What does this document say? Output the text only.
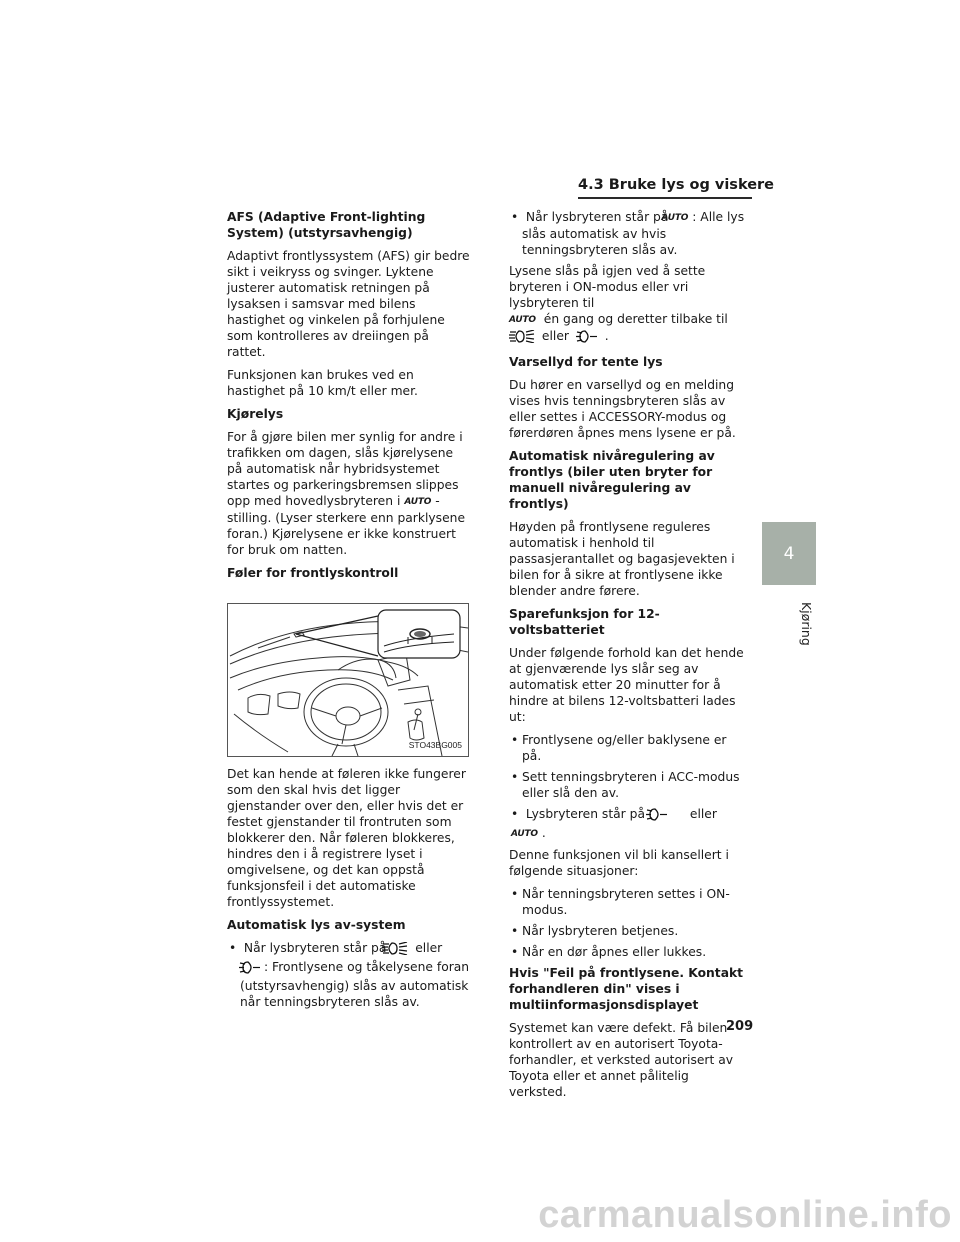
4.3 Bruke lys og viskere
AFS (Adaptive Front-lighting System) (utstyrsavhengig)
Adaptivt frontlyssystem (AFS) gir bedre sikt i veikryss og svinger. Lyktene justerer automatisk retningen på lysaksen i samsvar med bilens hastighet og vinkelen på forhjulene som kontrolleres av dreiingen på rattet.
Funksjonen kan brukes ved en hastighet på 10 km/t eller mer.
Kjørelys
For å gjøre bilen mer synlig for andre i trafikken om dagen, slås kjørelysene på automatisk når hybridsystemet startes og parkeringsbremsen slippes opp med hovedlysbryteren i AUTO -stilling. (Lyser sterkere enn parklysene foran.) Kjørelysene er ikke konstruert for bruk om natten.
Føler for frontlyskontroll
STO43BG005
Det kan hende at føleren ikke fungerer som den skal hvis det ligger gjenstander over den, eller hvis det er festet gjenstander til frontruten som blokkerer den. Når føleren blokkeres, hindres den i å registrere lyset i omgivelsene, og det kan oppstå funksjonsfeil i det automatiske frontlyssystemet.
Automatisk lys av-system
• Når lysbryteren står på eller
: Frontlysene og tåkelysene foran (utstyrsavhengig) slås av automatisk når tenningsbryteren slås av.
• Når lysbryteren står påAUTO : Alle lys slås automatisk av hvis tenningsbryteren slås av.
Lysene slås på igjen ved å sette bryteren i ON-modus eller vri lysbryteren til
AUTO én gang og deretter tilbake til
eller	.
Varsellyd for tente lys
Du hører en varsellyd og en melding vises hvis tenningsbryteren slås av eller settes i ACCESSORY-modus og førerdøren åpnes mens lysene er på.
Automatisk nivåregulering av frontlys (biler uten bryter for manuell nivåregulering av frontlys)
Høyden på frontlysene reguleres automatisk i henhold til passasjerantallet og bagasjevekten i bilen for å sikre at frontlysene ikke blender andre førere.
Sparefunksjon for 12-voltsbatteriet
Under følgende forhold kan det hende at gjenværende lys slår seg av automatisk etter 20 minutter for å hindre at bilens 12-voltsbatteri lades ut:
• Frontlysene og/eller baklysene er på.
• Sett tenningsbryteren i ACC-modus eller slå den av.
• Lysbryteren står på	eller
AUTO .
Denne funksjonen vil bli kansellert i følgende situasjoner:
• Når tenningsbryteren settes i ON-modus.
• Når lysbryteren betjenes.
• Når en dør åpnes eller lukkes.
Hvis "Feil på frontlysene. Kontakt forhandleren din" vises i multiinformasjonsdisplayet
Systemet kan være defekt. Få bilen kontrollert av en autorisert Toyota-forhandler, et verksted autorisert av Toyota eller et annet pålitelig verksted.
4
Kjøring
209
carmanualsonline.info
